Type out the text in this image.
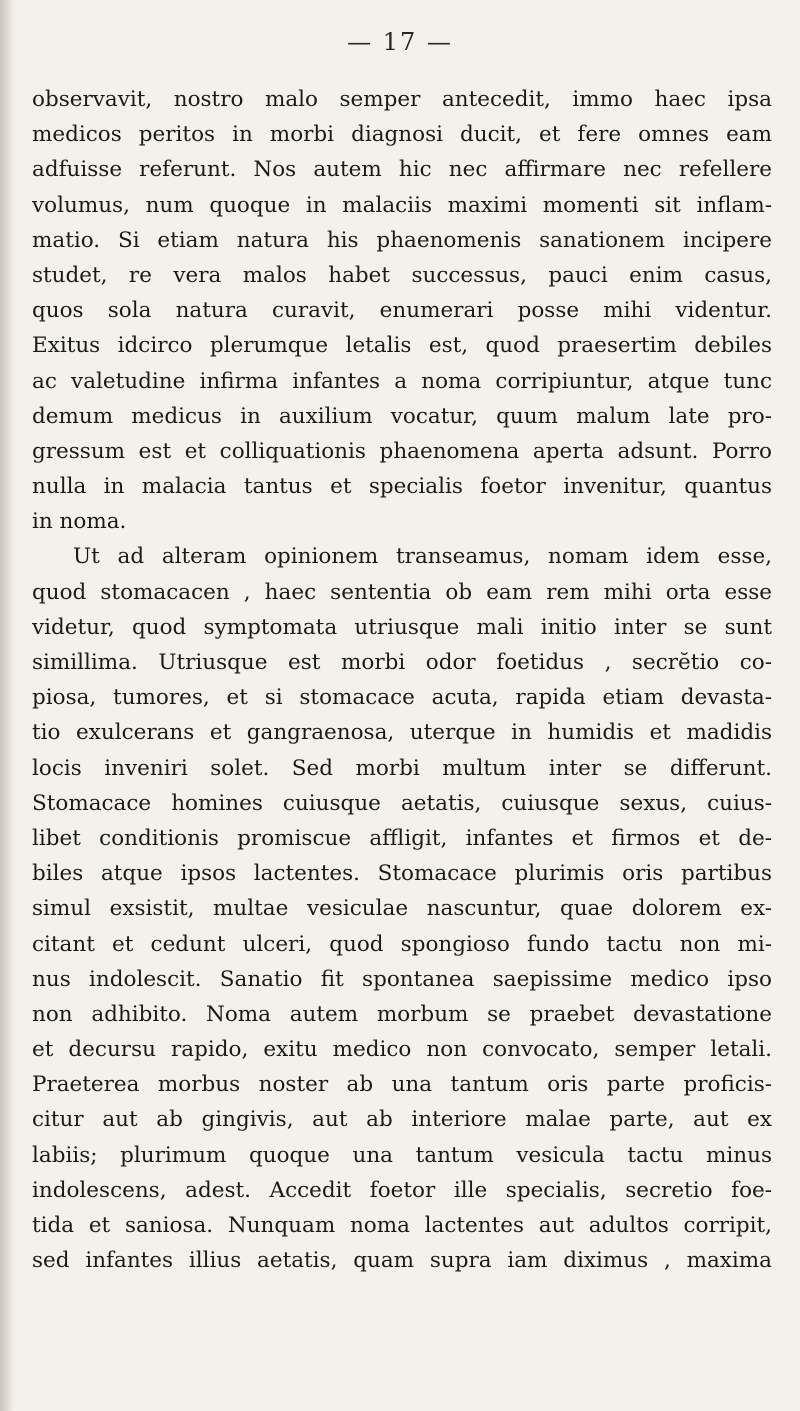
— 17 —
observavit, nostro malo semper antecedit, immo haec ipsa
medicos peritos in morbi diagnosi ducit, et fere omnes eam
adfuisse referunt. Nos autem hic nec affirmare nec refellere
volumus, num quoque in malaciis maximi momenti sit inflam-
matio. Si etiam natura his phaenomenis sanationem incipere
studet, re vera malos habet successus, pauci enim casus,
quos sola natura curavit, enumerari posse mihi videntur.
Exitus idcirco plerumque letalis est, quod praesertim debiles
ac valetudine infirma infantes a noma corripiuntur, atque tunc
demum medicus in auxilium vocatur, quum malum late pro-
gressum est et colliquationis phaenomena aperta adsunt. Porro
nulla in malacia tantus et specialis foetor invenitur, quantus
in noma.
Ut ad alteram opinionem transeamus, nomam idem esse,
quod stomacacen , haec sententia ob eam rem mihi orta esse
videtur, quod symptomata utriusque mali initio inter se sunt
simillima. Utriusque est morbi odor foetidus , secrĕtio co-
piosa, tumores, et si stomacace acuta, rapida etiam devasta-
tio exulcerans et gangraenosa, uterque in humidis et madidis
locis inveniri solet. Sed morbi multum inter se differunt.
Stomacace homines cuiusque aetatis, cuiusque sexus, cuius-
libet conditionis promiscue affligit, infantes et firmos et de-
biles atque ipsos lactentes. Stomacace plurimis oris partibus
simul exsistit, multae vesiculae nascuntur, quae dolorem ex-
citant et cedunt ulceri, quod spongioso fundo tactu non mi-
nus indolescit. Sanatio fit spontanea saepissime medico ipso
non adhibito. Noma autem morbum se praebet devastatione
et decursu rapido, exitu medico non convocato, semper letali.
Praeterea morbus noster ab una tantum oris parte proficis-
citur aut ab gingivis, aut ab interiore malae parte, aut ex
labiis; plurimum quoque una tantum vesicula tactu minus
indolescens, adest. Accedit foetor ille specialis, secretio foe-
tida et saniosa. Nunquam noma lactentes aut adultos corripit,
sed infantes illius aetatis, quam supra iam diximus , maxima
